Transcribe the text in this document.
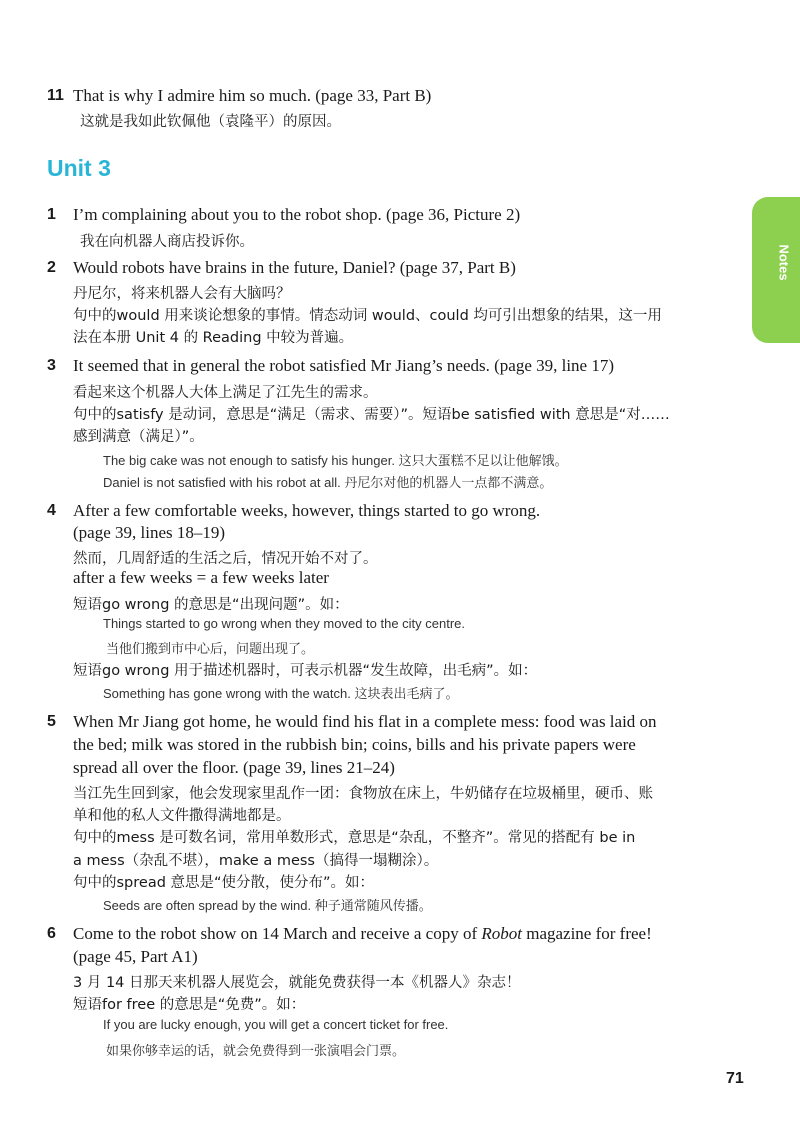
11 That is why I admire him so much. (page 33, Part B)
这就是我如此钦佩他（袁隆平）的原因。
Unit 3
1	I’m complaining about you to the robot shop. (page 36, Picture 2)
我在向机器人商店投诉你。
2	Would robots have brains in the future, Daniel? (page 37, Part B)
丹尼尔，将来机器人会有大脑吗？
句中的would 用来谈论想象的事情。情态动词 would、could 均可引出想象的结果，这一用
法在本册 Unit 4 的 Reading 中较为普遍。
3	It seemed that in general the robot satisfied Mr Jiang’s needs. (page 39, line 17)
看起来这个机器人大体上满足了江先生的需求。
句中的satisfy 是动词，意思是“满足（需求、需要）”。短语be satisfied with 意思是“对……
感到满意（满足）”。
The big cake was not enough to satisfy his hunger. 这只大蛋糕不足以让他解饿。
Daniel is not satisfied with his robot at all. 丹尼尔对他的机器人一点都不满意。
4	After a few comfortable weeks, however, things started to go wrong.
(page 39, lines 18–19)
然而，几周舒适的生活之后，情况开始不对了。
after a few weeks = a few weeks later
短语go wrong 的意思是“出现问题”。如：
Things started to go wrong when they moved to the city centre.
当他们搬到市中心后，问题出现了。
短语go wrong 用于描述机器时，可表示机器“发生故障，出毛病”。如：
Something has gone wrong with the watch. 这块表出毛病了。
5	When Mr Jiang got home, he would find his flat in a complete mess: food was laid on
the bed; milk was stored in the rubbish bin; coins, bills and his private papers were
spread all over the floor. (page 39, lines 21–24)
当江先生回到家，他会发现家里乱作一团：食物放在床上，牛奶储存在垃圾桶里，硬币、账
单和他的私人文件撒得满地都是。
句中的mess 是可数名词，常用单数形式，意思是“杂乱，不整齐”。常见的搭配有 be in
a mess（杂乱不堪），make a mess（搞得一塌糊涂）。
句中的spread 意思是“使分散，使分布”。如：
Seeds are often spread by the wind. 种子通常随风传播。
6	Come to the robot show on 14 March and receive a copy of Robot magazine for free!
(page 45, Part A1)
3 月 14 日那天来机器人展览会，就能免费获得一本《机器人》杂志！
短语for free 的意思是“免费”。如：
If you are lucky enough, you will get a concert ticket for free.
如果你够幸运的话，就会免费得到一张演唱会门票。
Notes
71
